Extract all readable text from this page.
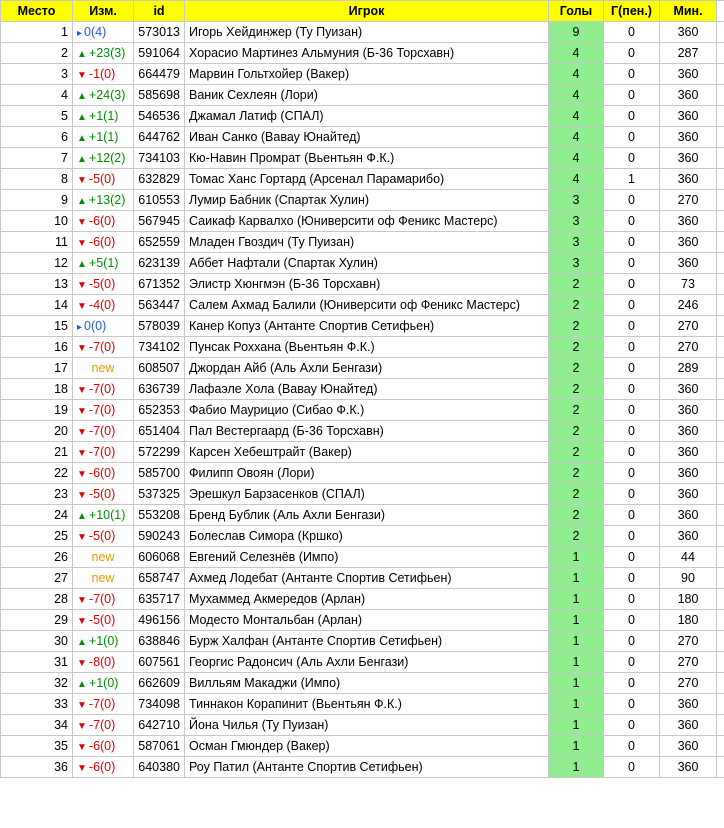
Место	Изм.	id	Игрок	Голы	Г(пен.)	Мин.	
1	▸ 0(4)	573013	Игорь Хейдинжер (Ту Пуизан)	9	0	360	
2	▲ +23(3)	591064	Хорасио Мартинез Альмуния (Б-36 Торсхавн)	4	0	287	
3	▼ -1(0)	664479	Марвин Гольтхойер (Вакер)	4	0	360	
4	▲ +24(3)	585698	Ваник Сехлеян (Лори)	4	0	360	
5	▲ +1(1)	546536	Джамал Латиф (СПАЛ)	4	0	360	
6	▲ +1(1)	644762	Иван Санко (Вавау Юнайтед)	4	0	360	
7	▲ +12(2)	734103	Кю-Навин Промрат (Вьентьян Ф.К.)	4	0	360	
8	▼ -5(0)	632829	Томас Ханс Гортард (Арсенал Парамарибо)	4	1	360	
9	▲ +13(2)	610553	Лумир Бабник (Спартак Хулин)	3	0	270	
10	▼ -6(0)	567945	Саикаф Карвалхо (Юниверсити оф Феникс Мастерс)	3	0	360	
11	▼ -6(0)	652559	Младен Гвоздич (Ту Пуизан)	3	0	360	
12	▲ +5(1)	623139	Аббет Нафтали (Спартак Хулин)	3	0	360	
13	▼ -5(0)	671352	Элистр Хюнгмэн (Б-36 Торсхавн)	2	0	73	
14	▼ -4(0)	563447	Салем Ахмад Балили (Юниверсити оф Феникс Мастерс)	2	0	246	
15	▸ 0(0)	578039	Канер Копуз (Антанте Спортив Сетифьен)	2	0	270	
16	▼ -7(0)	734102	Пунсак Роххана (Вьентьян Ф.К.)	2	0	270	
17	new	608507	Джордан Айб (Аль Ахли Бенгази)	2	0	289	
18	▼ -7(0)	636739	Лафаэле Хола (Вавау Юнайтед)	2	0	360	
19	▼ -7(0)	652353	Фабио Маурицио (Сибао Ф.К.)	2	0	360	
20	▼ -7(0)	651404	Пал Вестергаард (Б-36 Торсхавн)	2	0	360	
21	▼ -7(0)	572299	Карсен Хебештрайт (Вакер)	2	0	360	
22	▼ -6(0)	585700	Филипп Овоян (Лори)	2	0	360	
23	▼ -5(0)	537325	Эрешкул Барзасенков (СПАЛ)	2	0	360	
24	▲ +10(1)	553208	Бренд Бублик (Аль Ахли Бенгази)	2	0	360	
25	▼ -5(0)	590243	Болеслав Симора (Кршко)	2	0	360	
26	new	606068	Евгений Селезнёв (Импо)	1	0	44	
27	new	658747	Ахмед Лодебат (Антанте Спортив Сетифьен)	1	0	90	
28	▼ -7(0)	635717	Мухаммед Акмередов (Арлан)	1	0	180	
29	▼ -5(0)	496156	Модесто Монтальбан (Арлан)	1	0	180	
30	▲ +1(0)	638846	Бурж Халфан (Антанте Спортив Сетифьен)	1	0	270	
31	▼ -8(0)	607561	Георгис Радонсич (Аль Ахли Бенгази)	1	0	270	
32	▲ +1(0)	662609	Вилльям Макаджи (Импо)	1	0	270	
33	▼ -7(0)	734098	Тиннакон Корапинит (Вьентьян Ф.К.)	1	0	360	
34	▼ -7(0)	642710	Йона Чилья (Ту Пуизан)	1	0	360	
35	▼ -6(0)	587061	Осман Гмюндер (Вакер)	1	0	360	
36	▼ -6(0)	640380	Роу Патил (Антанте Спортив Сетифьен)	1	0	360	
